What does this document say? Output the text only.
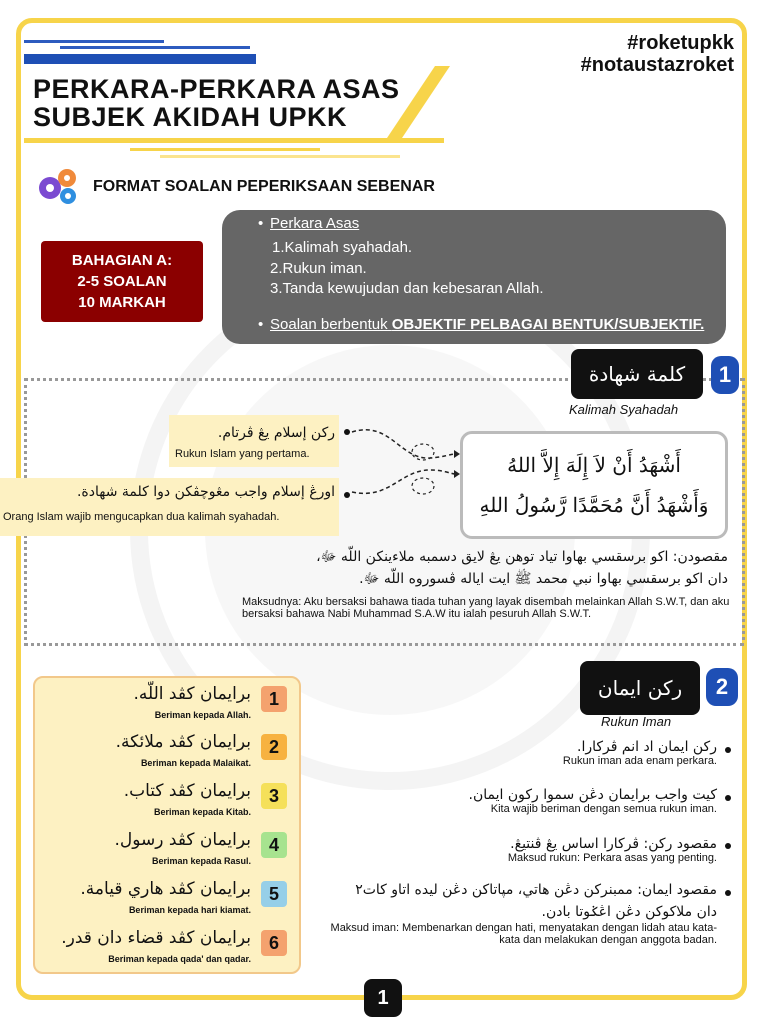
PERKARA-PERKARA ASAS
SUBJEK AKIDAH UPKK
#roketupkk
#notaustazroket
FORMAT SOALAN PEPERIKSAAN SEBENAR
BAHAGIAN A:
2-5 SOALAN
10 MARKAH
• Perkara Asas
1.Kalimah syahadah.
2.Rukun iman.
3.Tanda kewujudan dan kebesaran Allah.
• Soalan berbentuk OBJEKTIF PELBAGAI BENTUK/SUBJEKTIF.
كلمة شهادة	1
Kalimah Syahadah
رکن إسلام يڠ ڤرتام.
Rukun Islam yang pertama.
اورڠ إسلام واجب مڠوچڤکن دوا کلمة شهادة.
Orang Islam wajib mengucapkan dua kalimah syahadah.
أَشْهَدُ أَنْ لاَ إِلَهَ إِلاَّ اللهُ
وَأَشْهَدُ أَنَّ مُحَمَّدًا رَّسُولُ اللهِ
مقصودن: اکو برسقسي بهاوا تياد توهن يڠ لايق دسمبه ملاءينکن اللّه ﷻ،
دان اکو برسقسي بهاوا نبي محمد ﷺ ايت اياله ڤسوروه اللّه ﷻ.
Maksudnya: Aku bersaksi bahawa tiada tuhan yang layak disembah melainkan Allah S.W.T, dan aku bersaksi bahawa Nabi Muhammad S.A.W itu ialah pesuruh Allah S.W.T.
رکن ايمان	2
Rukun Iman
1
برايمان کڤد اللّه.
Beriman kepada Allah.
2
برايمان کڤد ملائکة.
Beriman kepada Malaikat.
3
برايمان کڤد کتاب.
Beriman kepada Kitab.
4
برايمان کڤد رسول.
Beriman kepada Rasul.
5
برايمان کڤد هاري قيامة.
Beriman kepada hari kiamat.
6
برايمان کڤد قضاء دان قدر.
Beriman kepada qada' dan qadar.
رکن ايمان اد انم ڤرکارا.
Rukun iman ada enam perkara.
کيت واجب برايمان دڠن سموا رکون ايمان.
Kita wajib beriman dengan semua rukun iman.
مقصود رکن: ڤرکارا اساس يڠ ڤنتيڠ.
Maksud rukun: Perkara asas yang penting.
مقصود ايمان: ممبنرکن دڠن هاتي، مڽاتاکن دڠن ليده اتاو کات٢
دان ملاکوکن دڠن اڠݢوتا بادن.
Maksud iman: Membenarkan dengan hati, menyatakan dengan lidah atau kata-kata dan melakukan dengan anggota badan.
1
